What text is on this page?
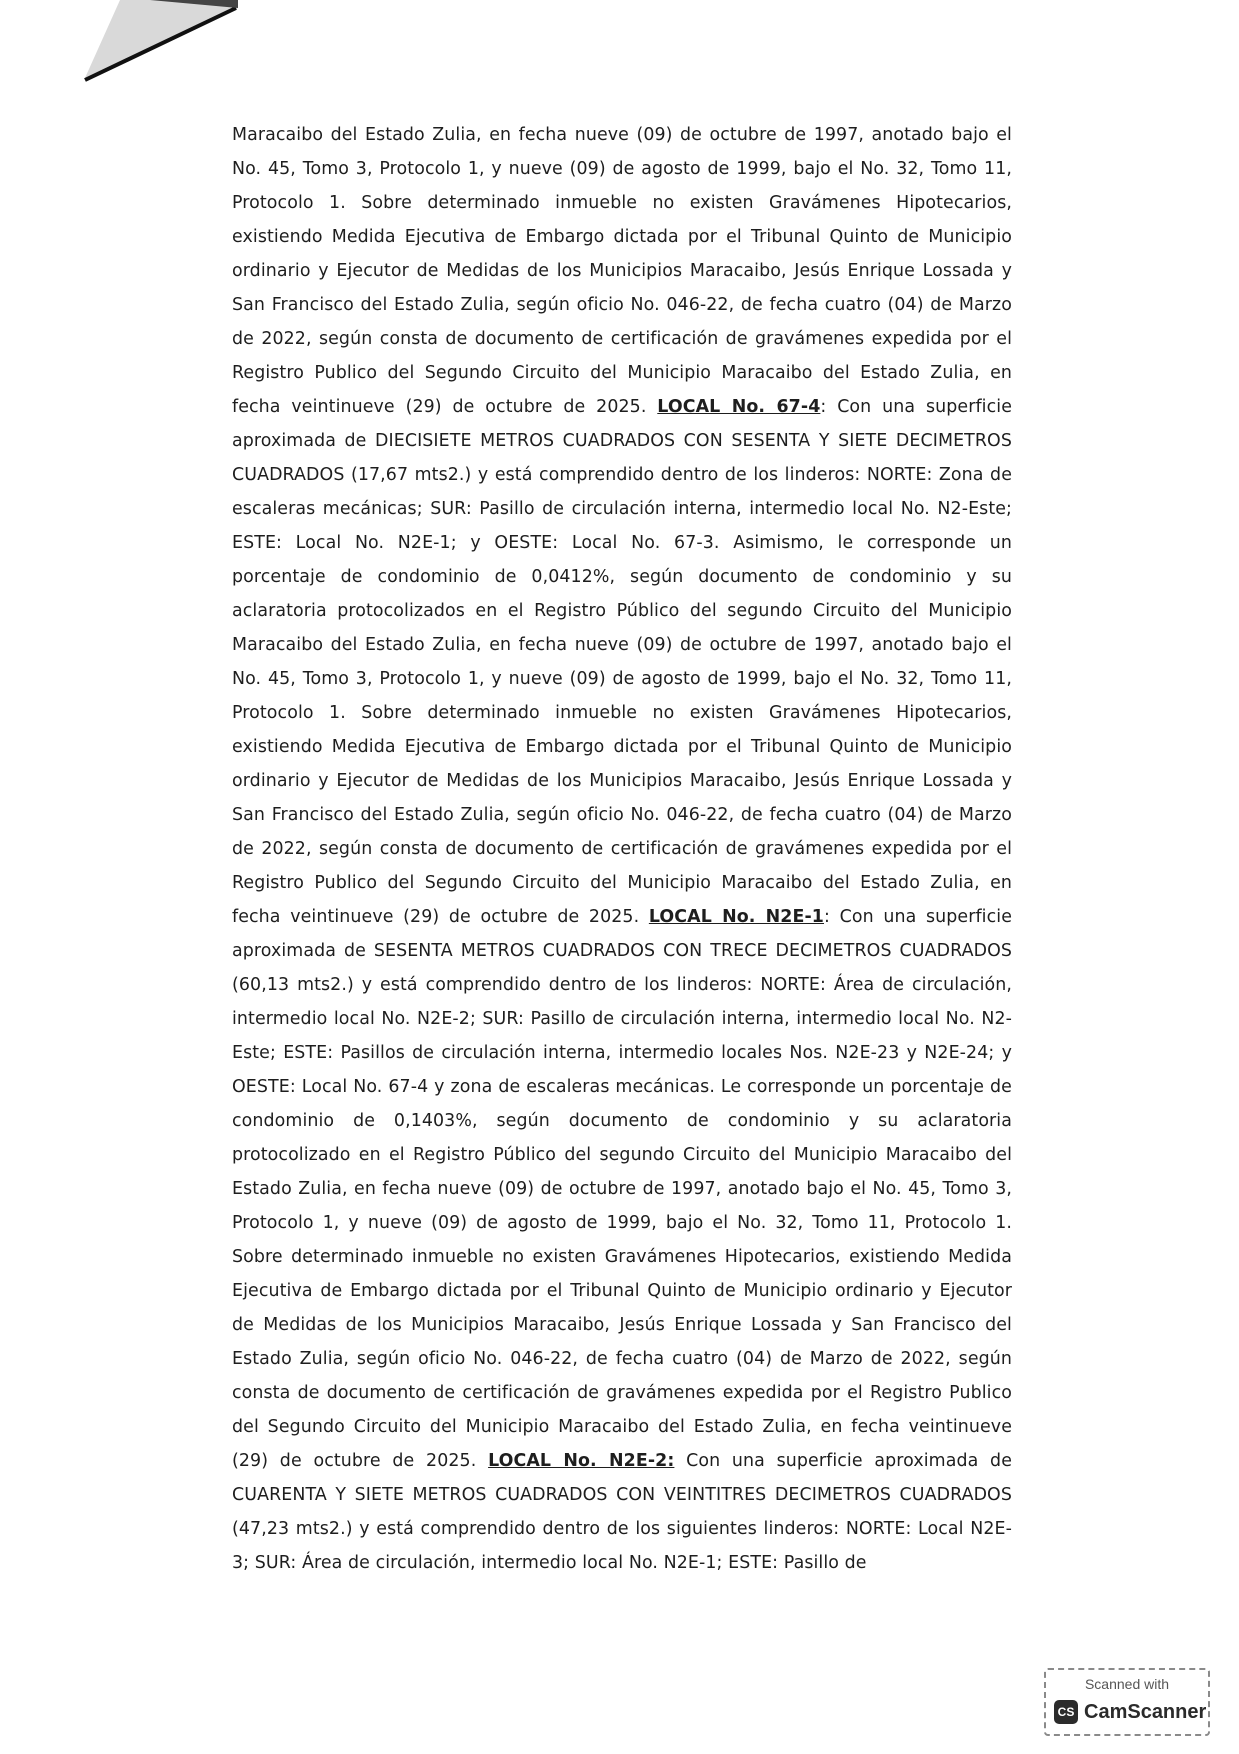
Maracaibo del Estado Zulia, en fecha nueve (09) de octubre de 1997, anotado bajo el No. 45, Tomo 3, Protocolo 1, y nueve (09) de agosto de 1999, bajo el No. 32, Tomo 11, Protocolo 1. Sobre determinado inmueble no existen Gravámenes Hipotecarios, existiendo Medida Ejecutiva de Embargo dictada por el Tribunal Quinto de Municipio ordinario y Ejecutor de Medidas de los Municipios Maracaibo, Jesús Enrique Lossada y San Francisco del Estado Zulia, según oficio No. 046-22, de fecha cuatro (04) de Marzo de 2022, según consta de documento de certificación de gravámenes expedida por el Registro Publico del Segundo Circuito del Municipio Maracaibo del Estado Zulia, en fecha veintinueve (29) de octubre de 2025. LOCAL No. 67-4: Con una superficie aproximada de DIECISIETE METROS CUADRADOS CON SESENTA Y SIETE DECIMETROS CUADRADOS (17,67 mts2.) y está comprendido dentro de los linderos: NORTE: Zona de escaleras mecánicas; SUR: Pasillo de circulación interna, intermedio local No. N2-Este; ESTE: Local No. N2E-1; y OESTE: Local No. 67-3. Asimismo, le corresponde un porcentaje de condominio de 0,0412%, según documento de condominio y su aclaratoria protocolizados en el Registro Público del segundo Circuito del Municipio Maracaibo del Estado Zulia, en fecha nueve (09) de octubre de 1997, anotado bajo el No. 45, Tomo 3, Protocolo 1, y nueve (09) de agosto de 1999, bajo el No. 32, Tomo 11, Protocolo 1. Sobre determinado inmueble no existen Gravámenes Hipotecarios, existiendo Medida Ejecutiva de Embargo dictada por el Tribunal Quinto de Municipio ordinario y Ejecutor de Medidas de los Municipios Maracaibo, Jesús Enrique Lossada y San Francisco del Estado Zulia, según oficio No. 046-22, de fecha cuatro (04) de Marzo de 2022, según consta de documento de certificación de gravámenes expedida por el Registro Publico del Segundo Circuito del Municipio Maracaibo del Estado Zulia, en fecha veintinueve (29) de octubre de 2025. LOCAL No. N2E-1: Con una superficie aproximada de SESENTA METROS CUADRADOS CON TRECE DECIMETROS CUADRADOS (60,13 mts2.) y está comprendido dentro de los linderos: NORTE: Área de circulación, intermedio local No. N2E-2; SUR: Pasillo de circulación interna, intermedio local No. N2-Este; ESTE: Pasillos de circulación interna, intermedio locales Nos. N2E-23 y N2E-24; y OESTE: Local No. 67-4 y zona de escaleras mecánicas. Le corresponde un porcentaje de condominio de 0,1403%, según documento de condominio y su aclaratoria protocolizado en el Registro Público del segundo Circuito del Municipio Maracaibo del Estado Zulia, en fecha nueve (09) de octubre de 1997, anotado bajo el No. 45, Tomo 3, Protocolo 1, y nueve (09) de agosto de 1999, bajo el No. 32, Tomo 11, Protocolo 1. Sobre determinado inmueble no existen Gravámenes Hipotecarios, existiendo Medida Ejecutiva de Embargo dictada por el Tribunal Quinto de Municipio ordinario y Ejecutor de Medidas de los Municipios Maracaibo, Jesús Enrique Lossada y San Francisco del Estado Zulia, según oficio No. 046-22, de fecha cuatro (04) de Marzo de 2022, según consta de documento de certificación de gravámenes expedida por el Registro Publico del Segundo Circuito del Municipio Maracaibo del Estado Zulia, en fecha veintinueve (29) de octubre de 2025. LOCAL No. N2E-2: Con una superficie aproximada de CUARENTA Y SIETE METROS CUADRADOS CON VEINTITRES DECIMETROS CUADRADOS (47,23 mts2.) y está comprendido dentro de los siguientes linderos: NORTE: Local N2E-3; SUR: Área de circulación, intermedio local No. N2E-1; ESTE: Pasillo de

Scanned with
CS CamScanner
